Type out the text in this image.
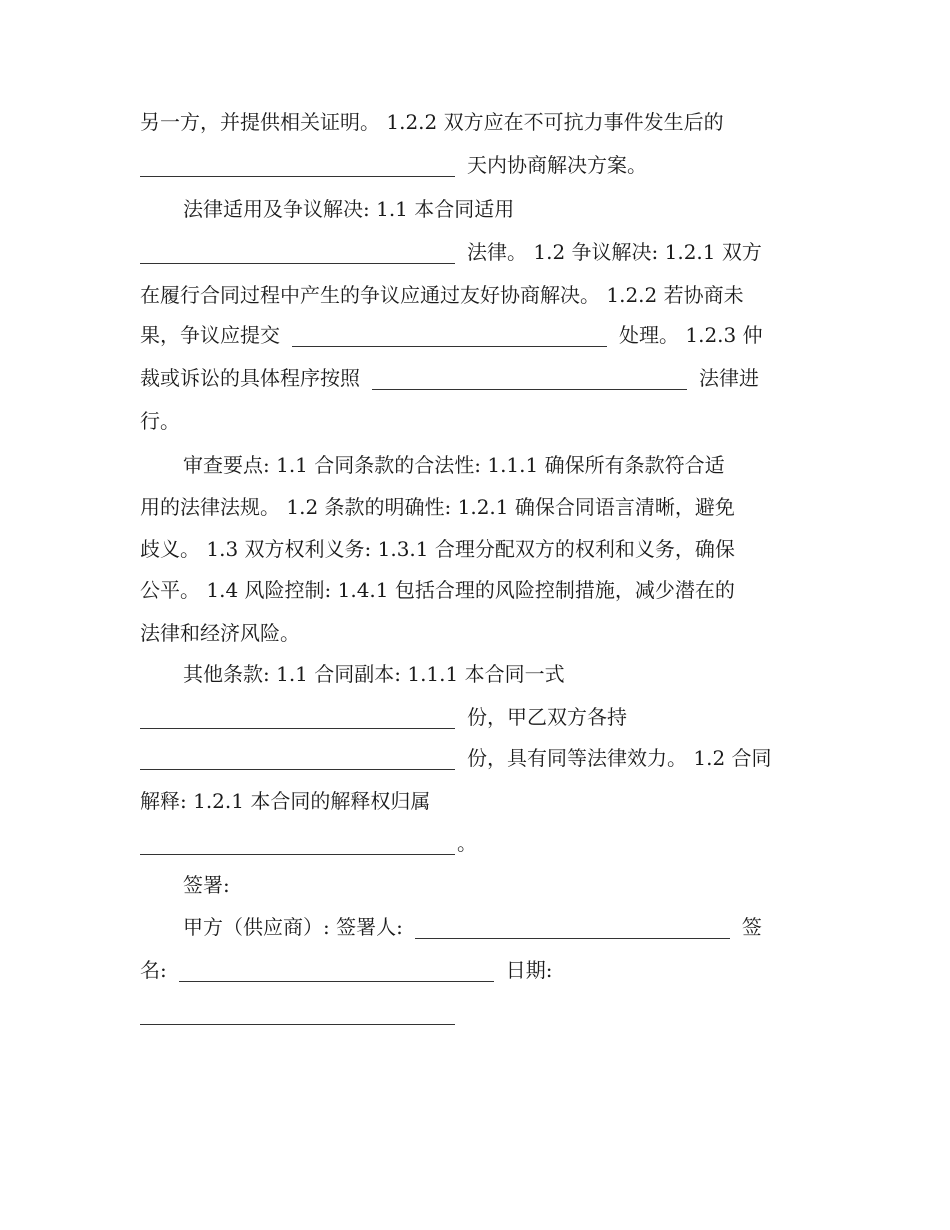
另一方，并提供相关证明。 1.2.2 双方应在不可抗力事件发生后的
天内协商解决方案。
法律适用及争议解决: 1.1 本合同适用
法律。 1.2 争议解决: 1.2.1 双方
在履行合同过程中产生的争议应通过友好协商解决。 1.2.2 若协商未
果，争议应提交	处理。 1.2.3 仲
裁或诉讼的具体程序按照	法律进
行。
审查要点: 1.1 合同条款的合法性: 1.1.1 确保所有条款符合适
用的法律法规。 1.2 条款的明确性: 1.2.1 确保合同语言清晰，避免
歧义。 1.3 双方权利义务: 1.3.1 合理分配双方的权利和义务，确保
公平。 1.4 风险控制: 1.4.1 包括合理的风险控制措施，减少潜在的
法律和经济风险。
其他条款: 1.1 合同副本: 1.1.1 本合同一式
份，甲乙双方各持
份，具有同等法律效力。 1.2 合同
解释: 1.2.1 本合同的解释权归属
。
签署:
甲方（供应商）: 签署人:	签
名:	日期:
